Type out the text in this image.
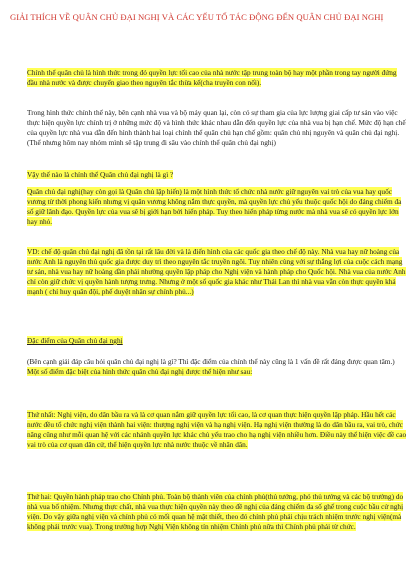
GIẢI THÍCH VỀ QUÂN CHỦ ĐẠI NGHỊ VÀ CÁC YẾU TỐ TÁC ĐỘNG ĐẾN QUÂN CHỦ ĐẠI NGHỊ

Chính thể quân chủ là hình thức trong đó quyền lực tối cao của nhà nước tập trung toàn bộ hay một phần trong tay người đứng đầu nhà nước và được chuyển giao theo nguyên tắc thừa kế(cha truyền con nối).

Trong hình thức chính thể này, bên cạnh nhà vua và bộ máy quan lại, còn có sự tham gia của lực lượng giai cấp tư sản vào việc thực hiện quyền lực chính trị ở những mức độ và hình thức khác nhau dẫn đến quyền lực của nhà vua bị hạn chế. Mức độ hạn chế của quyền lực nhà vua dẫn đến hình thành hai loại chính thể quân chủ hạn chế gồm: quân chủ nhị nguyên và quân chủ đại nghị. (Thể nhưng hôm nay nhóm mình sẽ tập trung đi sâu vào chính thể quân chủ đại nghị)

Vậy thế nào là chính thể Quân chủ đại nghị là gì ?

Quân chủ đại nghị(hay còn gọi là Quân chủ lập hiến) là một hình thức tổ chức nhà nước giữ nguyên vai trò của vua hay quốc vương từ thời phong kiến nhưng vị quân vương không nắm thực quyền, mà quyền lực chủ yếu thuộc quốc hội do đảng chiếm đa số giữ lãnh đạo. Quyền lực của vua sẽ bị giới hạn bởi hiến pháp. Tuy theo hiến pháp từng nước mà nhà vua sẽ có quyền lực lớn hay nhỏ.

VD: chế độ quân chủ đại nghị đã tồn tại rất lâu đời và là điển hình của các quốc gia theo chế độ này. Nhà vua hay nữ hoàng của nước Anh là nguyên thủ quốc gia được duy trì theo nguyên tắc truyền ngôi. Tuy nhiên cùng với sự thắng lợi của cuộc cách mạng tư sản, nhà vua hay nữ hoàng dần phải nhường quyền lập pháp cho Nghị viện và hành pháp cho Quốc hội. Nhà vua của nước Anh chỉ còn giữ chức vị quyền hành tượng trưng. Nhưng ở một số quốc gia khác như Thái Lan thì nhà vua vẫn còn thực quyền khá mạnh ( chỉ huy quân đội, phế duyệt nhân sự chính phủ...)

Đặc điểm của Quân chủ đại nghị

(Bên cạnh giải đáp câu hỏi quân chủ đại nghị là gì? Thì đặc điểm của chính thể này cũng là 1 vấn đề rất đáng được quan tâm.) Một số điểm đặc biệt của hình thức quân chủ đại nghị được thể hiện như sau:

Thứ nhất: Nghị viện, do dân bầu ra và là cơ quan nắm giữ quyền lực tối cao, là cơ quan thực hiện quyền lập pháp. Hầu hết các nước đều tổ chức nghị viện thành hai viện: thượng nghị viện và hạ nghị viện. Hạ nghị viện thường là do dân bầu ra, vai trò, chức năng cũng như mỗi quan hệ với các nhánh quyền lực khác chủ yếu trao cho hạ nghị viện nhiều hơn. Điều này thể hiện việc đề cao vai trò của cơ quan dân cử, thể hiện quyền lực nhà nước thuộc về nhân dân.

Thứ hai: Quyền hành pháp trao cho Chính phủ. Toàn bộ thành viên của chính phủ(thủ tướng, phó thủ tướng và các bộ trưởng) do nhà vua bổ nhiệm. Nhưng thực chất, nhà vua thực hiện quyền này theo đề nghị của đảng chiếm đa số ghế trong cuộc bầu cử nghị viện. Do vậy giữa nghị viện và chính phủ có mối quan hệ mật thiết, theo đó chính phủ phải chịu trách nhiệm trước nghị viện(mà không phải trước vua). Trong trường hợp Nghị Viện không tín nhiệm Chính phủ nữa thì Chính phủ phải từ chức.
